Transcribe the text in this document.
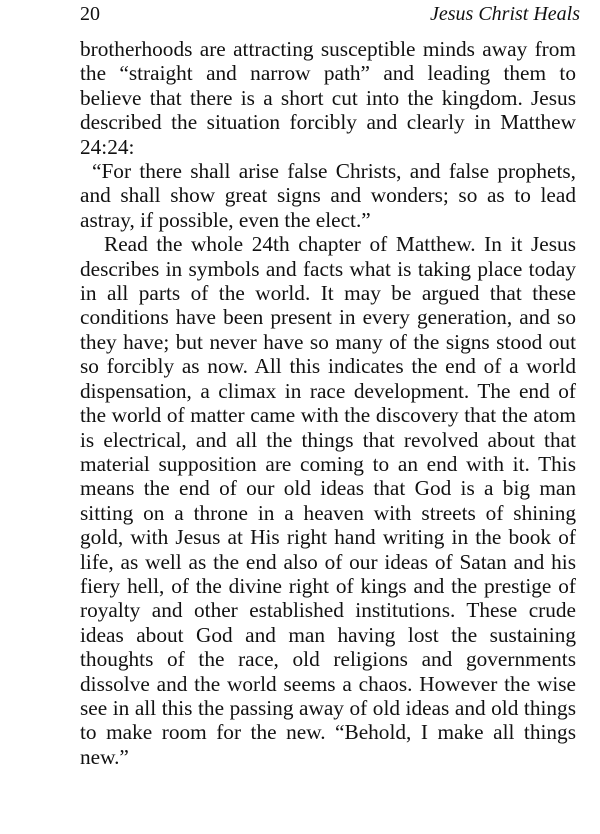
20	Jesus Christ Heals

brotherhoods are attracting susceptible minds away from the “straight and narrow path” and leading them to believe that there is a short cut into the kingdom. Jesus described the situation forcibly and clearly in Matthew 24:24:

“For there shall arise false Christs, and false prophets, and shall show great signs and wonders; so as to lead astray, if possible, even the elect.”

Read the whole 24th chapter of Matthew. In it Jesus describes in symbols and facts what is taking place today in all parts of the world. It may be argued that these conditions have been present in every generation, and so they have; but never have so many of the signs stood out so forcibly as now. All this indicates the end of a world dispensation, a climax in race development. The end of the world of matter came with the discovery that the atom is electrical, and all the things that revolved about that material supposition are coming to an end with it. This means the end of our old ideas that God is a big man sitting on a throne in a heaven with streets of shining gold, with Jesus at His right hand writing in the book of life, as well as the end also of our ideas of Satan and his fiery hell, of the divine right of kings and the prestige of royalty and other established institutions. These crude ideas about God and man having lost the sustaining thoughts of the race, old religions and governments dissolve and the world seems a chaos. However the wise see in all this the passing away of old ideas and old things to make room for the new. “Behold, I make all things new.”
